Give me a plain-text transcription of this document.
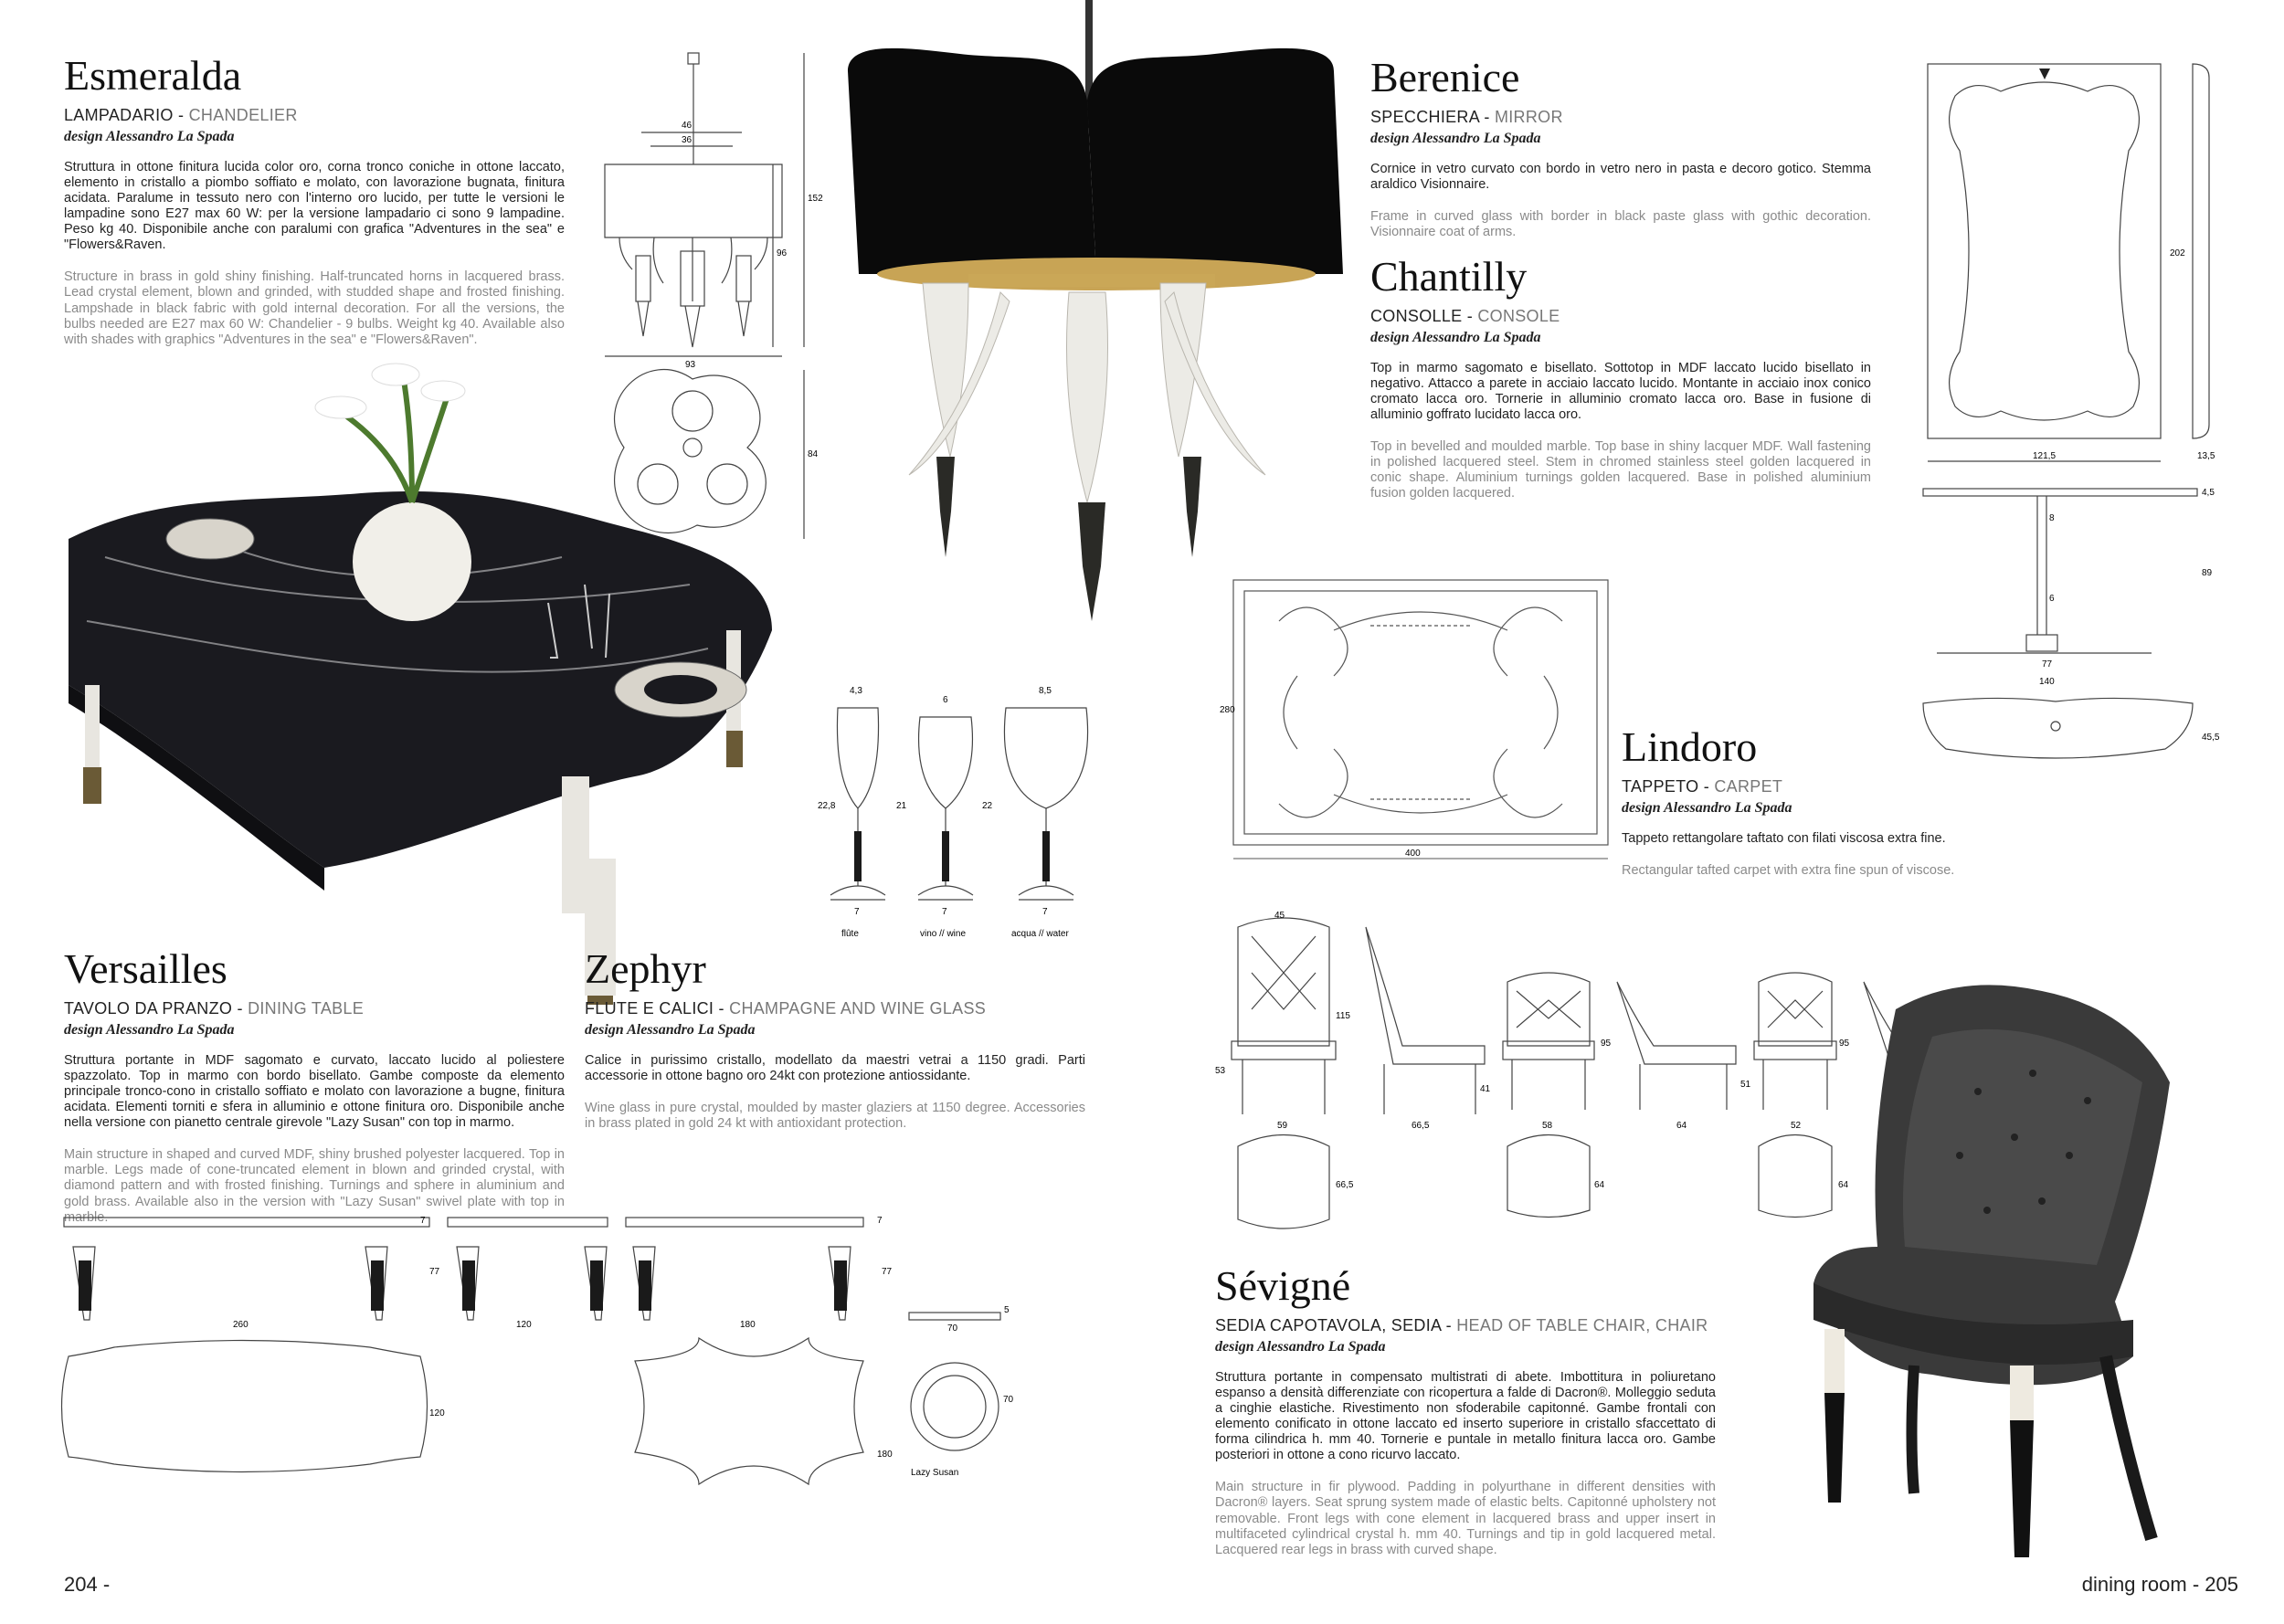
Esmeralda
LAMPADARIO - CHANDELIER
design Alessandro La Spada
Struttura in ottone finitura lucida color oro, corna tronco coniche in ottone laccato, elemento in cristallo a piombo soffiato e molato, con lavorazione bugnata, finitura acidata. Paralume in tessuto nero con l'interno oro lucido, per tutte le versioni le lampadine sono E27 max 60 W: per la versione lampadario ci sono 9 lampadine. Peso kg 40. Disponibile anche con paralumi con grafica "Adventures in the sea" e "Flowers&Raven.
Structure in brass in gold shiny finishing. Half-truncated horns in lacquered brass. Lead crystal element, blown and grinded, with studded shape and frosted finishing. Lampshade in black fabric with gold internal decoration. For all the versions, the bulbs needed are E27 max 60 W: Chandelier - 9 bulbs. Weight kg 40. Available also with shades with graphics "Adventures in the sea" e "Flowers&Raven".
46
36
152
96
93
84
Versailles
TAVOLO DA PRANZO - DINING TABLE
design Alessandro La Spada
Struttura portante in MDF sagomato e curvato, laccato lucido al poliestere spazzolato. Top in marmo con bordo bisellato. Gambe composte da elemento principale tronco-cono in cristallo soffiato e molato con lavorazione a bugne, finitura acidata. Elementi torniti e sfera in alluminio e ottone finitura oro. Disponibile anche nella versione con pianetto centrale girevole "Lazy Susan" con top in marmo.
Main structure in shaped and curved MDF, shiny brushed polyester lacquered. Top in marble. Legs made of cone-truncated element in blown and grinded crystal, with diamond pattern and with frosted finishing. Turnings and sphere in aluminium and gold brass. Available also in the version with "Lazy Susan" swivel plate with top in marble.
Zephyr
FLUTE E CALICI - CHAMPAGNE AND WINE GLASS
design Alessandro La Spada
Calice in purissimo cristallo, modellato da maestri vetrai a 1150 gradi. Parti accessorie in ottone bagno oro 24kt con protezione antiossidante.
Wine glass in pure crystal, moulded by master glaziers at 1150 degree. Accessories in brass plated in gold 24 kt with antioxidant protection.
4,3
6
8,5
22,8	21	22
7	7	7
flûte	vino // wine	acqua // water
260
7
77
120
120
77
7
180
180
70
70
5
Lazy Susan
Berenice
SPECCHIERA - MIRROR
design Alessandro La Spada
Cornice in vetro curvato con bordo in vetro nero in pasta e decoro gotico. Stemma araldico Visionnaire.
Frame in curved glass with border in black paste glass with gothic decoration. Visionnaire coat of arms.
Chantilly
CONSOLLE - CONSOLE
design Alessandro La Spada
Top in marmo sagomato e bisellato. Sottotop in MDF laccato lucido bisellato in negativo. Attacco a parete in acciaio laccato lucido. Montante in acciaio inox conico cromato lacca oro. Tornerie in alluminio cromato lacca oro. Base in fusione di alluminio goffrato lucidato lacca oro.
Top in bevelled and moulded marble. Top base in shiny lacquer MDF. Wall fastening in polished lacquered steel. Stem in chromed stainless steel golden lacquered in conic shape. Aluminium turnings golden lacquered. Base in polished aluminium fusion golden lacquered.
202
121,5	13,5
4,5
8
6
89
77
140
45,5
280
400
Lindoro
TAPPETO - CARPET
design Alessandro La Spada
Tappeto rettangolare taftato con filati viscosa extra fine.
Rectangular tafted carpet with extra fine spun of viscose.
45
115
53
59	66,5
41
95
58	64
51
52
95
66,5	64	64
Sévigné
SEDIA CAPOTAVOLA, SEDIA - HEAD OF TABLE CHAIR, CHAIR
design Alessandro La Spada
Struttura portante in compensato multistrati di abete. Imbottitura in poliuretano espanso a densità differenziate con ricopertura a falde di Dacron®. Molleggio seduta a cinghie elastiche. Rivestimento non sfoderabile capitonné. Gambe frontali con elemento conificato in ottone laccato ed inserto superiore in cristallo sfaccettato di forma cilindrica h. mm 40. Tornerie e puntale in metallo finitura lacca oro. Gambe posteriori in ottone a cono ricurvo laccato.
Main structure in fir plywood. Padding in polyurthane in different densities with Dacron® layers. Seat sprung system made of elastic belts. Capitonné upholstery not removable. Front legs with cone element in lacquered brass and upper insert in multifaceted cylindrical crystal h. mm 40. Turnings and tip in gold lacquered metal. Lacquered rear legs in brass with curved shape.
204 -	dining room - 205
